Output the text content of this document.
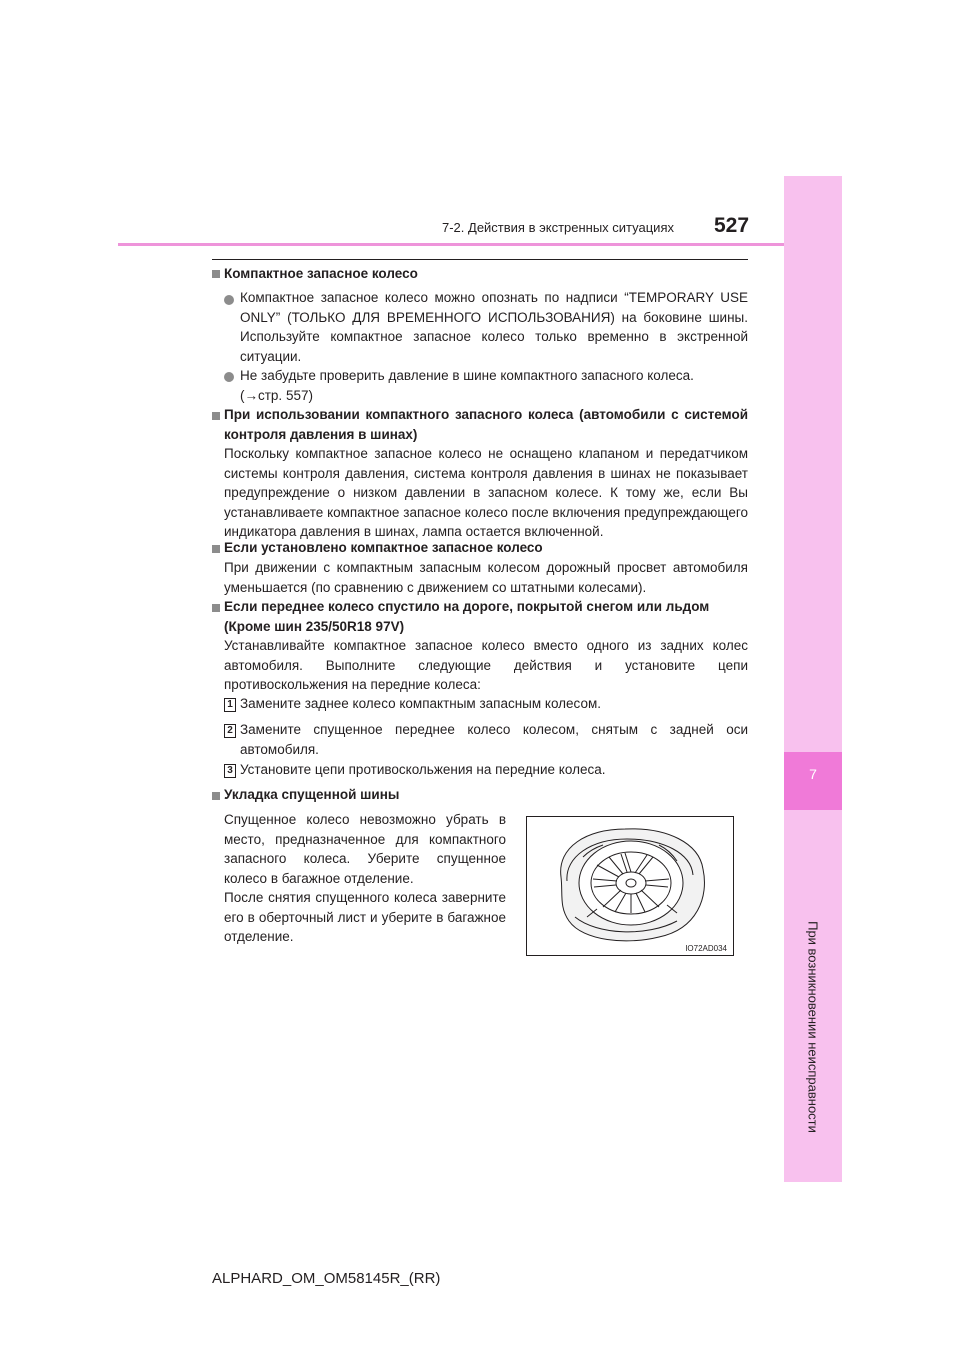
7
При возникновении неисправности
7-2. Действия в экстренных ситуациях 527
Компактное запасное колесо
Компактное запасное колесо можно опознать по надписи “TEMPORARY USE ONLY” (ТОЛЬКО ДЛЯ ВРЕМЕННОГО ИСПОЛЬЗОВАНИЯ) на боковине шины. Используйте компактное запасное колесо только временно в экстренной ситуации.
Не забудьте проверить давление в шине компактного запасного колеса.
(→стр. 557)
При использовании компактного запасного колеса (автомобили с системой контроля давления в шинах)
Поскольку компактное запасное колесо не оснащено клапаном и передатчиком системы контроля давления, система контроля давления в шинах не показывает предупреждение о низком давлении в запасном колесе. К тому же, если Вы устанавливаете компактное запасное колесо после включения предупреждающего индикатора давления в шинах, лампа остается включенной.
Если установлено компактное запасное колесо
При движении с компактным запасным колесом дорожный просвет автомобиля уменьшается (по сравнению с движением со штатными колесами).
Если переднее колесо спустило на дороге, покрытой снегом или льдом
(Кроме шин 235/50R18 97V)
Устанавливайте компактное запасное колесо вместо одного из задних колес автомобиля. Выполните следующие действия и установите цепи противоскольжения на передние колеса:
1 Замените заднее колесо компактным запасным колесом.
2 Замените спущенное переднее колесо колесом, снятым с задней оси автомобиля.
3 Установите цепи противоскольжения на передние колеса.
Укладка спущенной шины
Спущенное колесо невозможно убрать в место, предназначенное для компактного запасного колеса. Уберите спущенное колесо в багажное отделение.
После снятия спущенного колеса заверните его в оберточный лист и уберите в багажное отделение.
IO72AD034
ALPHARD_OM_OM58145R_(RR)
